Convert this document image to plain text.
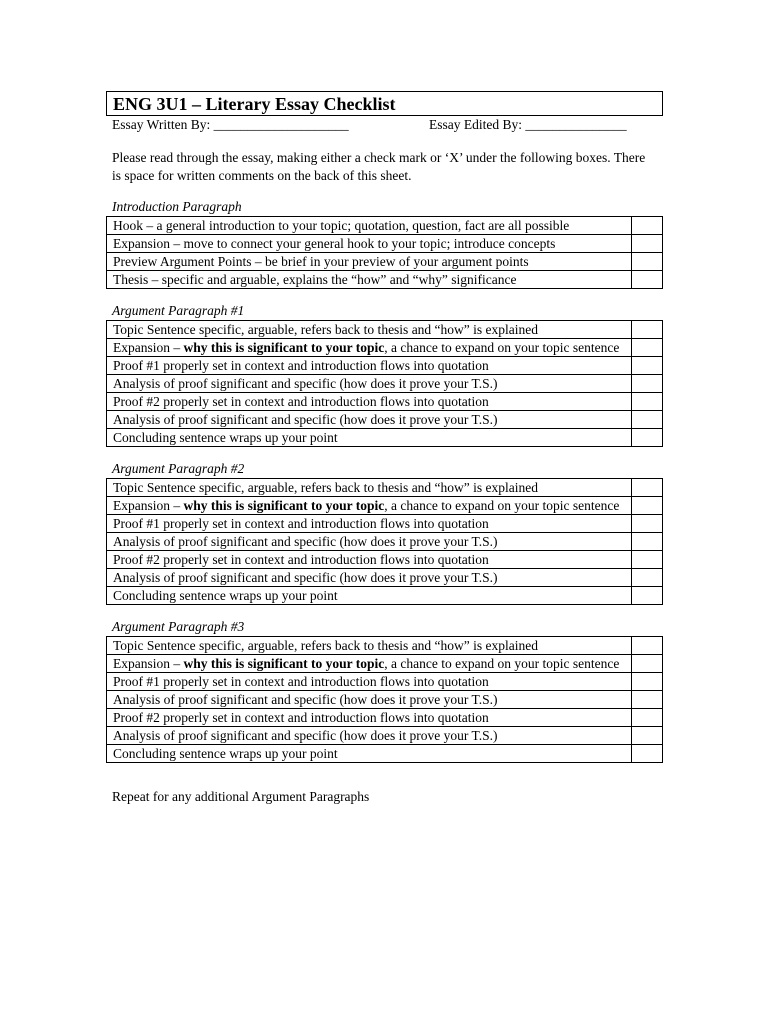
ENG 3U1 – Literary Essay Checklist
Essay Written By: ____________________	Essay Edited By: _______________
Please read through the essay, making either a check mark or ‘X’ under the following boxes. There is space for written comments on the back of this sheet.
Introduction Paragraph
Hook – a general introduction to your topic; quotation, question, fact are all possible	
Expansion – move to connect your general hook to your topic; introduce concepts	
Preview Argument Points – be brief in your preview of your argument points	
Thesis – specific and arguable, explains the “how” and “why” significance	
Argument Paragraph #1
Topic Sentence specific, arguable, refers back to thesis and “how” is explained	
Expansion – why this is significant to your topic, a chance to expand on your topic sentence	
Proof #1 properly set in context and introduction flows into quotation	
Analysis of proof significant and specific (how does it prove your T.S.)	
Proof #2 properly set in context and introduction flows into quotation	
Analysis of proof significant and specific (how does it prove your T.S.)	
Concluding sentence wraps up your point	
Argument Paragraph #2
Topic Sentence specific, arguable, refers back to thesis and “how” is explained	
Expansion – why this is significant to your topic, a chance to expand on your topic sentence	
Proof #1 properly set in context and introduction flows into quotation	
Analysis of proof significant and specific (how does it prove your T.S.)	
Proof #2 properly set in context and introduction flows into quotation	
Analysis of proof significant and specific (how does it prove your T.S.)	
Concluding sentence wraps up your point	
Argument Paragraph #3
Topic Sentence specific, arguable, refers back to thesis and “how” is explained	
Expansion – why this is significant to your topic, a chance to expand on your topic sentence	
Proof #1 properly set in context and introduction flows into quotation	
Analysis of proof significant and specific (how does it prove your T.S.)	
Proof #2 properly set in context and introduction flows into quotation	
Analysis of proof significant and specific (how does it prove your T.S.)	
Concluding sentence wraps up your point	
Repeat for any additional Argument Paragraphs
